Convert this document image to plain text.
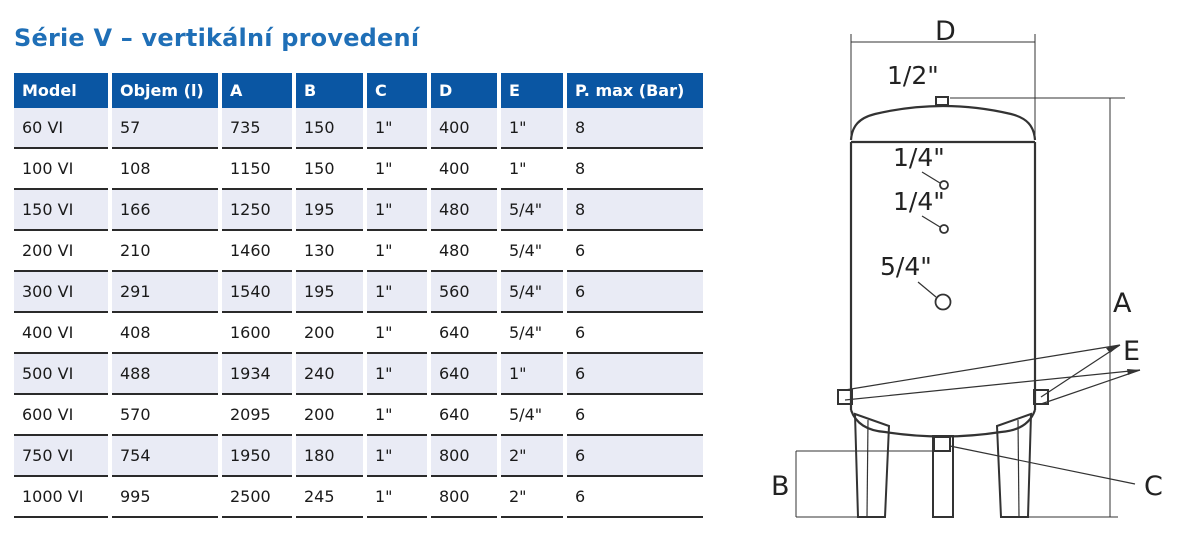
Série V – vertikální provedení
Model	Objem (l)	A	B	C	D	E	P. max (Bar)
60 VI	57	735	150	1"	400	1"	8
100 VI	108	1150	150	1"	400	1"	8
150 VI	166	1250	195	1"	480	5/4"	8
200 VI	210	1460	130	1"	480	5/4"	6
300 VI	291	1540	195	1"	560	5/4"	6
400 VI	408	1600	200	1"	640	5/4"	6
500 VI	488	1934	240	1"	640	1"	6
600 VI	570	2095	200	1"	640	5/4"	6
750 VI	754	1950	180	1"	800	2"	6
1000 VI	995	2500	245	1"	800	2"	6
D
1/2"
1/4"
1/4"
5/4"
A
E
B	C
